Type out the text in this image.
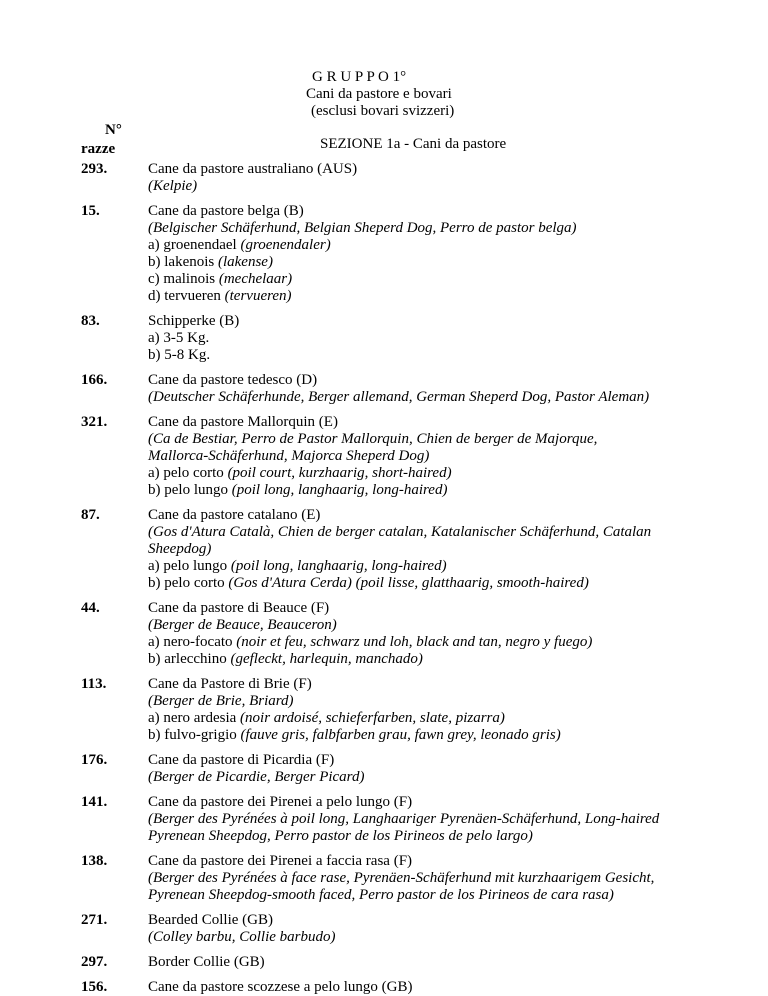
G R U P P O 1°
Cani da pastore e bovari
(esclusi bovari svizzeri)
N°
razze	SEZIONE 1a - Cani da pastore
293.	Cane da pastore australiano (AUS)
(Kelpie)
15.	Cane da pastore belga (B)
(Belgischer Schäferhund, Belgian Sheperd Dog, Perro de pastor belga)
a) groenendael (groenendaler)
b) lakenois (lakense)
c) malinois (mechelaar)
d) tervueren (tervueren)
83.	Schipperke (B)
a) 3-5 Kg.
b) 5-8 Kg.
166.	Cane da pastore tedesco (D)
(Deutscher Schäferhunde, Berger allemand, German Sheperd Dog, Pastor Aleman)
321.	Cane da pastore Mallorquin (E)
(Ca de Bestiar, Perro de Pastor Mallorquin, Chien de berger de Majorque,
Mallorca-Schäferhund, Majorca Sheperd Dog)
a) pelo corto (poil court, kurzhaarig, short-haired)
b) pelo lungo (poil long, langhaarig, long-haired)
87.	Cane da pastore catalano (E)
(Gos d'Atura Català, Chien de berger catalan, Katalanischer Schäferhund, Catalan
Sheepdog)
a) pelo lungo (poil long, langhaarig, long-haired)
b) pelo corto (Gos d'Atura Cerda) (poil lisse, glatthaarig, smooth-haired)
44.	Cane da pastore di Beauce (F)
(Berger de Beauce, Beauceron)
a) nero-focato (noir et feu, schwarz und loh, black and tan, negro y fuego)
b) arlecchino (gefleckt, harlequin, manchado)
113.	Cane da Pastore di Brie (F)
(Berger de Brie, Briard)
a) nero ardesia (noir ardoisé, schieferfarben, slate, pizarra)
b) fulvo-grigio (fauve gris, falbfarben grau, fawn grey, leonado gris)
176.	Cane da pastore di Picardia (F)
(Berger de Picardie, Berger Picard)
141.	Cane da pastore dei Pirenei a pelo lungo (F)
(Berger des Pyrénées à poil long, Langhaariger Pyrenäen-Schäferhund, Long-haired
Pyrenean Sheepdog, Perro pastor de los Pirineos de pelo largo)
138.	Cane da pastore dei Pirenei a faccia rasa (F)
(Berger des Pyrénées à face rase, Pyrenäen-Schäferhund mit kurzhaarigem Gesicht,
Pyrenean Sheepdog-smooth faced, Perro pastor de los Pirineos de cara rasa)
271.	Bearded Collie (GB)
(Colley barbu, Collie barbudo)
297.	Border Collie (GB)
156.	Cane da pastore scozzese a pelo lungo (GB)
